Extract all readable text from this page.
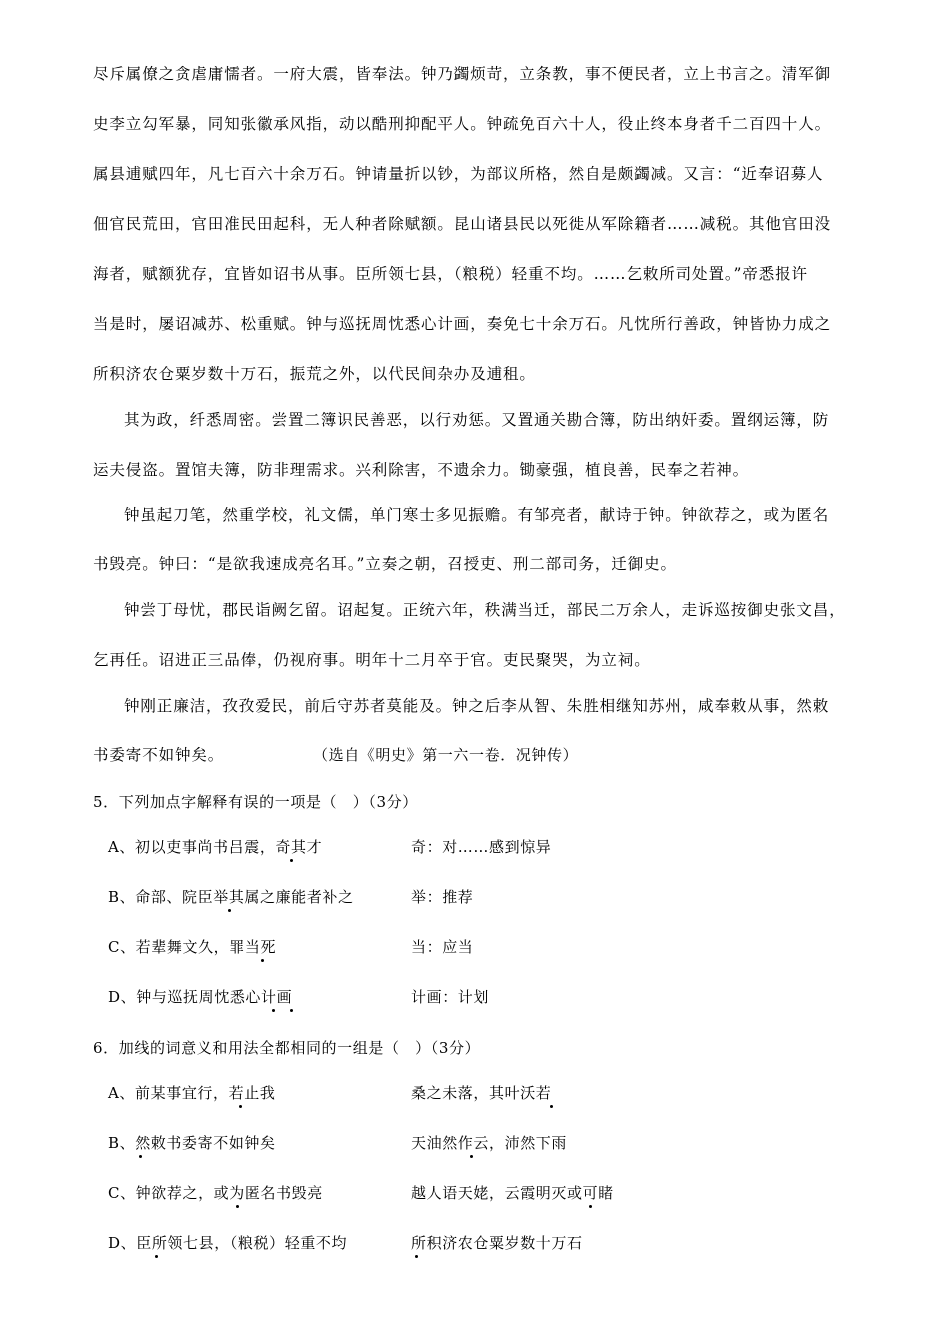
尽斥属僚之贪虐庸懦者。一府大震，皆奉法。钟乃蠲烦苛，立条教，事不便民者，立上书言之。清军御
史李立勾军暴，同知张徽承风指，动以酷刑抑配平人。钟疏免百六十人，役止终本身者千二百四十人。
属县逋赋四年，凡七百六十余万石。钟请量折以钞，为部议所格，然自是颇蠲减。又言：“近奉诏募人
佃官民荒田，官田准民田起科，无人种者除赋额。昆山诸县民以死徙从军除籍者……减税。其他官田没
海者，赋额犹存，宜皆如诏书从事。臣所领七县，（粮税）轻重不均。……乞敕所司处置。”帝悉报许
当是时，屡诏减苏、松重赋。钟与巡抚周忱悉心计画，奏免七十余万石。凡忱所行善政，钟皆协力成之
所积济农仓粟岁数十万石，振荒之外，以代民间杂办及逋租。
其为政，纤悉周密。尝置二簿识民善恶，以行劝惩。又置通关勘合簿，防出纳奸委。置纲运簿，防
运夫侵盗。置馆夫簿，防非理需求。兴利除害，不遗余力。锄豪强，植良善，民奉之若神。
钟虽起刀笔，然重学校，礼文儒，单门寒士多见振赡。有邹亮者，献诗于钟。钟欲荐之，或为匿名
书毁亮。钟曰：“是欲我速成亮名耳。”立奏之朝，召授吏、刑二部司务，迁御史。
钟尝丁母忧，郡民诣阙乞留。诏起复。正统六年，秩满当迁，部民二万余人，走诉巡按御史张文昌，
乞再任。诏进正三品俸，仍视府事。明年十二月卒于官。吏民聚哭，为立祠。
钟刚正廉洁，孜孜爱民，前后守苏者莫能及。钟之后李从智、朱胜相继知苏州，咸奉敕从事，然敕
书委寄不如钟矣。	（选自《明史》第一六一卷．况钟传）
5．下列加点字解释有误的一项是（　）（3分）
A、初以吏事尚书吕震，奇其才	奇：对……感到惊异
B、命部、院臣举其属之廉能者补之	举：推荐
C、若辈舞文久，罪当死	当：应当
D、钟与巡抚周忱悉心计画	计画：计划
6．加线的词意义和用法全都相同的一组是（　）（3分）
A、前某事宜行，若止我	桑之未落，其叶沃若
B、然敕书委寄不如钟矣	天油然作云，沛然下雨
C、钟欲荐之，或为匿名书毁亮	越人语天姥，云霞明灭或可睹
D、臣所领七县，（粮税）轻重不均	所积济农仓粟岁数十万石
